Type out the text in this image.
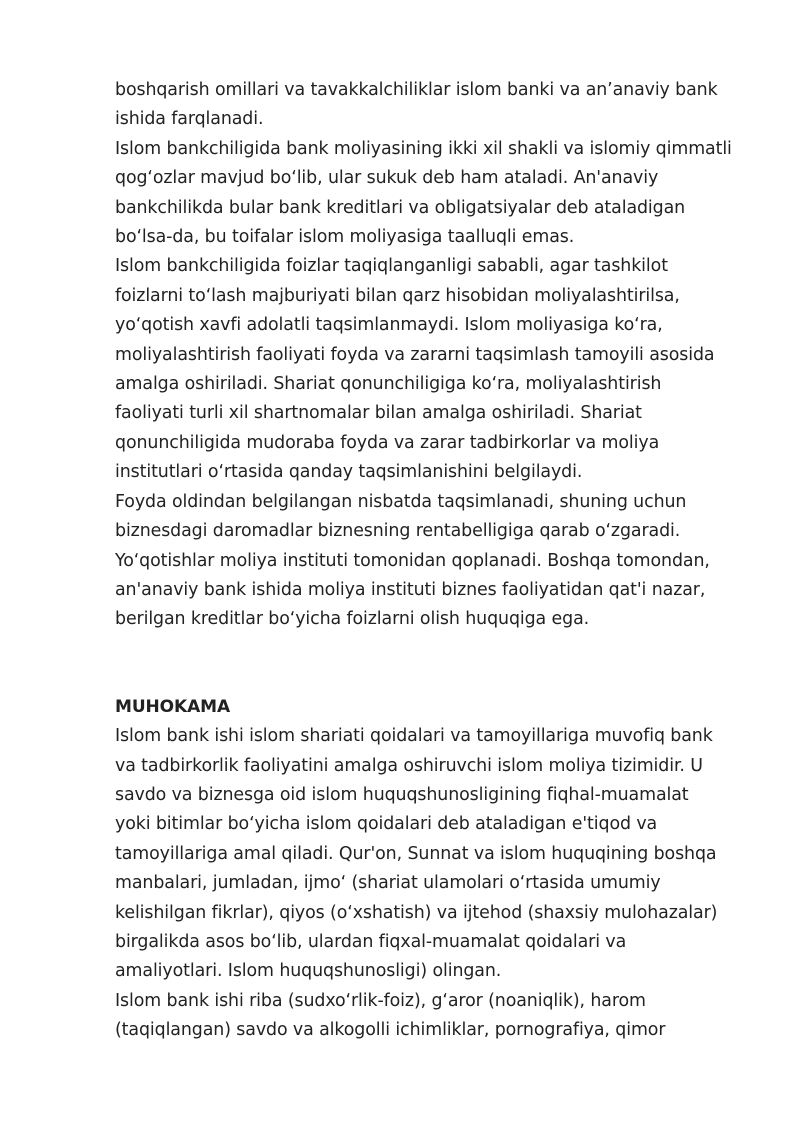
boshqarish omillari va tavakkalchiliklar islom banki va an’anaviy bank
ishida farqlanadi.

Islom bankchiligida bank moliyasining ikki xil shakli va islomiy qimmatli
qog‘ozlar mavjud bo‘lib, ular sukuk deb ham ataladi. An'anaviy
bankchilikda bular bank kreditlari va obligatsiyalar deb ataladigan
bo‘lsa-da, bu toifalar islom moliyasiga taalluqli emas.

Islom bankchiligida foizlar taqiqlanganligi sababli, agar tashkilot
foizlarni to‘lash majburiyati bilan qarz hisobidan moliyalashtirilsa,
yo‘qotish xavfi adolatli taqsimlanmaydi. Islom moliyasiga ko‘ra,
moliyalashtirish faoliyati foyda va zararni taqsimlash tamoyili asosida
amalga oshiriladi. Shariat qonunchiligiga ko‘ra, moliyalashtirish
faoliyati turli xil shartnomalar bilan amalga oshiriladi. Shariat
qonunchiligida mudoraba foyda va zarar tadbirkorlar va moliya
institutlari o‘rtasida qanday taqsimlanishini belgilaydi.

Foyda oldindan belgilangan nisbatda taqsimlanadi, shuning uchun
biznesdagi daromadlar biznesning rentabelligiga qarab o‘zgaradi.
Yo‘qotishlar moliya instituti tomonidan qoplanadi. Boshqa tomondan,
an'anaviy bank ishida moliya instituti biznes faoliyatidan qat'i nazar,
berilgan kreditlar bo‘yicha foizlarni olish huquqiga ega.

MUHOKAMA

Islom bank ishi islom shariati qoidalari va tamoyillariga muvofiq bank
va tadbirkorlik faoliyatini amalga oshiruvchi islom moliya tizimidir. U
savdo va biznesga oid islom huquqshunosligining fiqhal-muamalat
yoki bitimlar bo‘yicha islom qoidalari deb ataladigan e'tiqod va
tamoyillariga amal qiladi. Qur'on, Sunnat va islom huquqining boshqa
manbalari, jumladan, ijmo‘ (shariat ulamolari o‘rtasida umumiy
kelishilgan fikrlar), qiyos (o‘xshatish) va ijtehod (shaxsiy mulohazalar)
birgalikda asos bo‘lib, ulardan fiqxal-muamalat qoidalari va
amaliyotlari. Islom huquqshunosligi) olingan.

Islom bank ishi riba (sudxo‘rlik-foiz), g‘aror (noaniqlik), harom
(taqiqlangan) savdo va alkogolli ichimliklar, pornografiya, qimor
